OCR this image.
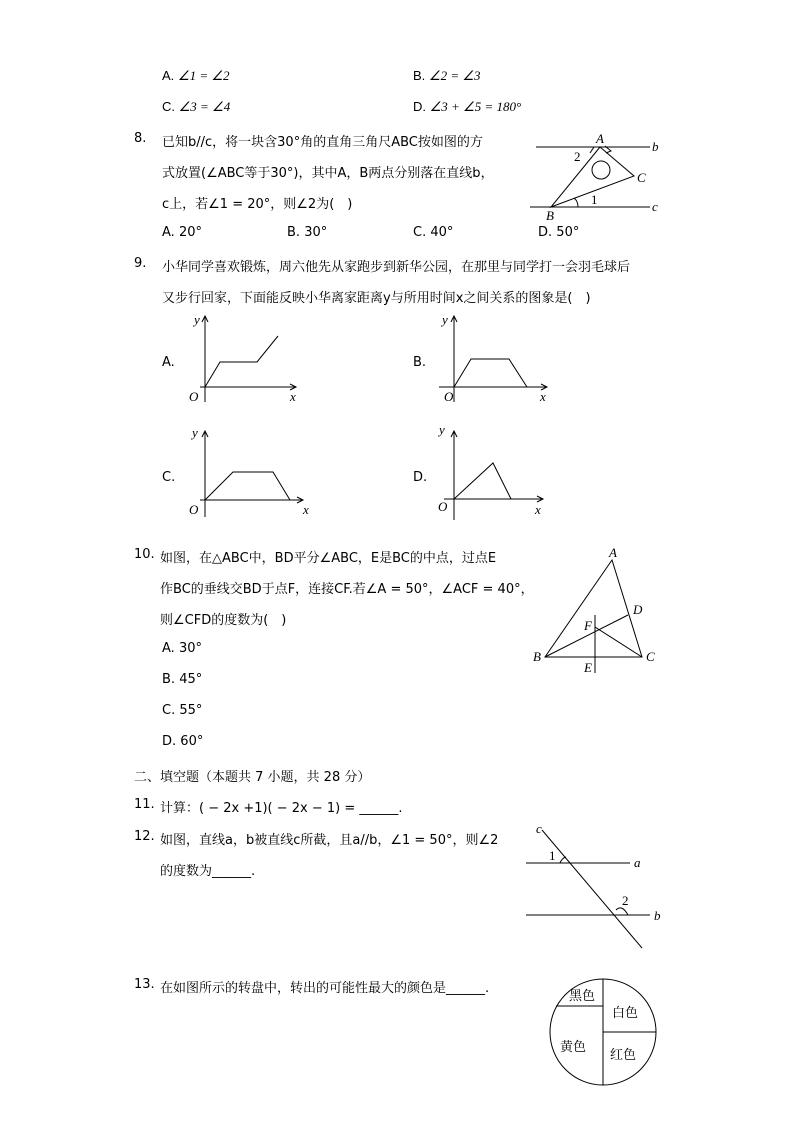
A. ∠1 = ∠2	B. ∠2 = ∠3
C. ∠3 = ∠4	D. ∠3 + ∠5 = 180°
8. 已知b//c，将一块含30°角的直角三角尺ABC按如图的方
式放置(∠ABC等于30°)，其中A，B两点分别落在直线b，
c上，若∠1 = 20°，则∠2为(　)
A. 20°	B. 30°	C. 40°	D. 50°
A
b
C
c
B
2
1
9. 小华同学喜欢锻炼，周六他先从家跑步到新华公园，在那里与同学打一会羽毛球后
又步行回家，下面能反映小华离家距离y与所用时间x之间关系的图象是(　)
A.
y
O	x
B.
y
O	x
C.
y
O	x
D.
y
O	x
10. 如图，在△ABC中，BD平分∠ABC，E是BC的中点，过点E
作BC的垂线交BD于点F，连接CF.若∠A = 50°，∠ACF = 40°，
则∠CFD的度数为(　)
A. 30°
B. 45°
C. 55°
D. 60°
A
B	C
D
E
F
二、填空题（本题共 7 小题，共 28 分）
11. 计算：( − 2x +1)( − 2x − 1) = ______.
12. 如图，直线a，b被直线c所截，且a//b，∠1 = 50°，则∠2
的度数为______.
c
1	a
2
b
13. 在如图所示的转盘中，转出的可能性最大的颜色是______.
黑色
白色
黄色
红色
